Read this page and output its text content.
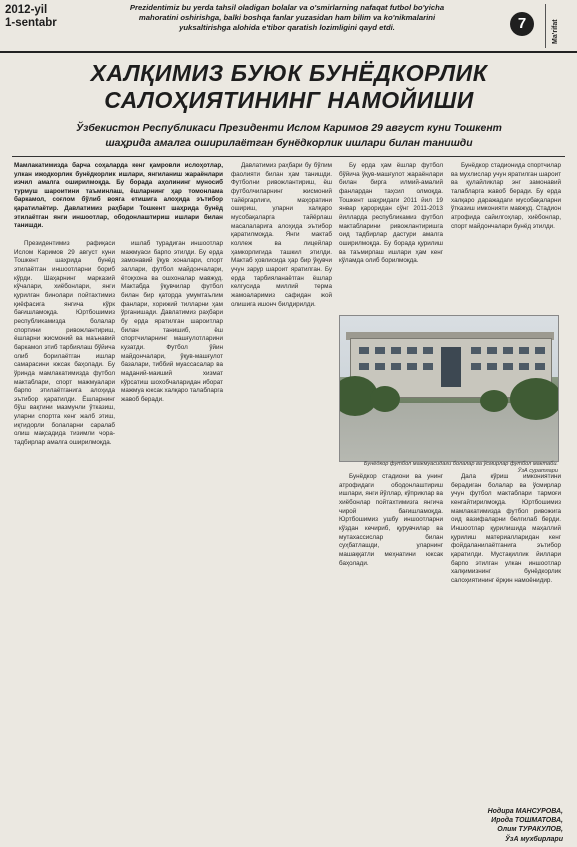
2012-yil
1-sentabr
Prezidentimiz bu yerda tahsil oladigan bolalar va o'smirlarning nafaqat futbol bo'yicha
mahoratini oshirishga, balki boshqa fanlar yuzasidan ham bilim va ko'nikmalarini
yuksaltirishga alohida e'tibor qaratish lozimligini qayd etdi.	7	Ma'rifat
ХАЛҚИМИЗ БУЮК БУНЁДКОРЛИК
САЛОҲИЯТИНИНГ НАМОЙИШИ
Ўзбекистон Республикаси Президенти Ислом Каримов 29 август куни Тошкент
шаҳрида амалга оширилаётган бунёдкорлик ишлари билан танишди
Мамлакатимизда барча соҳаларда кенг қамровли ислоҳотлар, улкан ижодкорлик бунёдкорлик ишлари, янгиланиш жараёнлари изчил амалга оширилмоқда. Бу борада аҳолининг муносиб турмуш шароитини таъминлаш, ёшларнинг ҳар томонлама баркамол, соғлом бўлиб вояга етишига алоҳида эътибор қаратилаётир. Давлатимиз раҳбари Тошкент шаҳрида бунёд этилаётган янги иншоотлар, ободонлаштириш ишлари билан танишди.

Президентимиз рафиқаси Ислом Каримов 29 август куни Тошкент шаҳрида бунёд этилаётган иншоотларни бориб кўрди. Шаҳарнинг марказий кўчалари, хиёбонлари, янги қурилган бинолари пойтахтимиз қиёфасига янгича кўрк бағишламоқда. Юртбошимиз республикамизда болалар спортини ривожлантириш, ёшларни жисмоний ва маънавий баркамол этиб тарбиялаш бўйича олиб борилаётган ишлар самарасини юксак баҳолади. Бу ўринда мамлакатимизда футбол мактаблари, спорт мажмуалари барпо этилаётганига алоҳида эътибор қаратилди. Ёшларнинг бўш вақтини мазмунли ўтказиш, уларни спортга кенг жалб этиш, иқтидорли болаларни саралаб олиш мақсадида тизимли чора-тадбирлар амалга оширилмоқда.

ишлаб турадиган иншоотлар мажмуаси барпо этилди. Бу ерда замонавий ўқув хоналари, спорт заллари, футбол майдончалари, ётоқхона ва ошхоналар мавжуд. Мактабда ўқувчилар футбол билан бир қаторда умумтаълим фанлари, хорижий тилларни ҳам ўрганишади. Давлатимиз раҳбари бу ерда яратилган шароитлар билан танишиб, ёш спортчиларнинг машғулотларини кузатди. Футбол ўйин майдончалари, ўқув-машғулот базалари, тиббий муассасалар ва маданий-маиший хизмат кўрсатиш шохобчаларидан иборат мажмуа юксак халқаро талабларга жавоб беради.

Давлатимиз раҳбари бу бўлим фаолияти билан ҳам танишди. Футболни ривожлантириш, ёш футболчиларнинг жисмоний тайёргарлиги, маҳоратини ошириш, уларни халқаро мусобақаларга тайёрлаш масалаларига алоҳида эътибор қаратилмоқда. Янги мактаб коллеж ва лицейлар ҳамкорлигида ташкил этилди. Мактаб ҳовлисида ҳар бир ўқувчи учун зарур шароит яратилган. Бу ерда тарбияланаётган ёшлар келгусида миллий терма жамоаларимиз сафидан жой олишига ишонч билдирилди.

Бу ерда ҳам ёшлар футбол бўйича ўқув-машғулот жараёнлари билан бирга илмий-амалий фанлардан таҳсил олмоқда. Тошкент шаҳридаги 2011 йил 19 январ қароридан сўнг 2011-2013 йилларда республикамиз футбол мактабларини ривожлантиришга оид тадбирлар дастури амалга оширилмоқда. Бу борада қурилиш ва таъмирлаш ишлари ҳам кенг кўламда олиб борилмоқда.

Бунёдкор стадиони ва унинг атрофидаги ободонлаштириш ишлари, янги йўллар, кўприклар ва хиёбонлар пойтахтимизга янгича чирой бағишламоқда. Юртбошимиз ушбу иншоотларни кўздан кечириб, қурувчилар ва мутахассислар билан суҳбатлашди, уларнинг машаққатли меҳнатини юксак баҳолади.

Бунёдкор стадионида спортчилар ва мухлислар учун яратилган шароит ва қулайликлар энг замонавий талабларга жавоб беради. Бу ерда халқаро даражадаги мусобақаларни ўтказиш имконияти мавжуд. Стадион атрофида сайилгоҳлар, хиёбонлар, спорт майдончалари бунёд этилди.

Дала кўриш имкониятини берадиган болалар ва ўсмирлар учун футбол мактаблари тармоғи кенгайтирилмоқда. Юртбошимиз мамлакатимизда футбол ривожига оид вазифаларни белгилаб берди. Иншоотлар қурилишида маҳаллий қурилиш материалларидан кенг фойдаланилаётганига эътибор қаратилди. Мустақиллик йиллари барпо этилган улкан иншоотлар халқимизнинг бунёдкорлик салоҳиятининг ёрқин намоёнидир.

Бунёдкор футбол мажмуасидаги болалар ва ўсмирлар футбол мактаби.
ЎзА суратлари
Нодира МАНСУРОВА,
Ирода ТОШМАТОВА,
Олим ТУРАКУЛОВ,
ЎзА мухбирлари
